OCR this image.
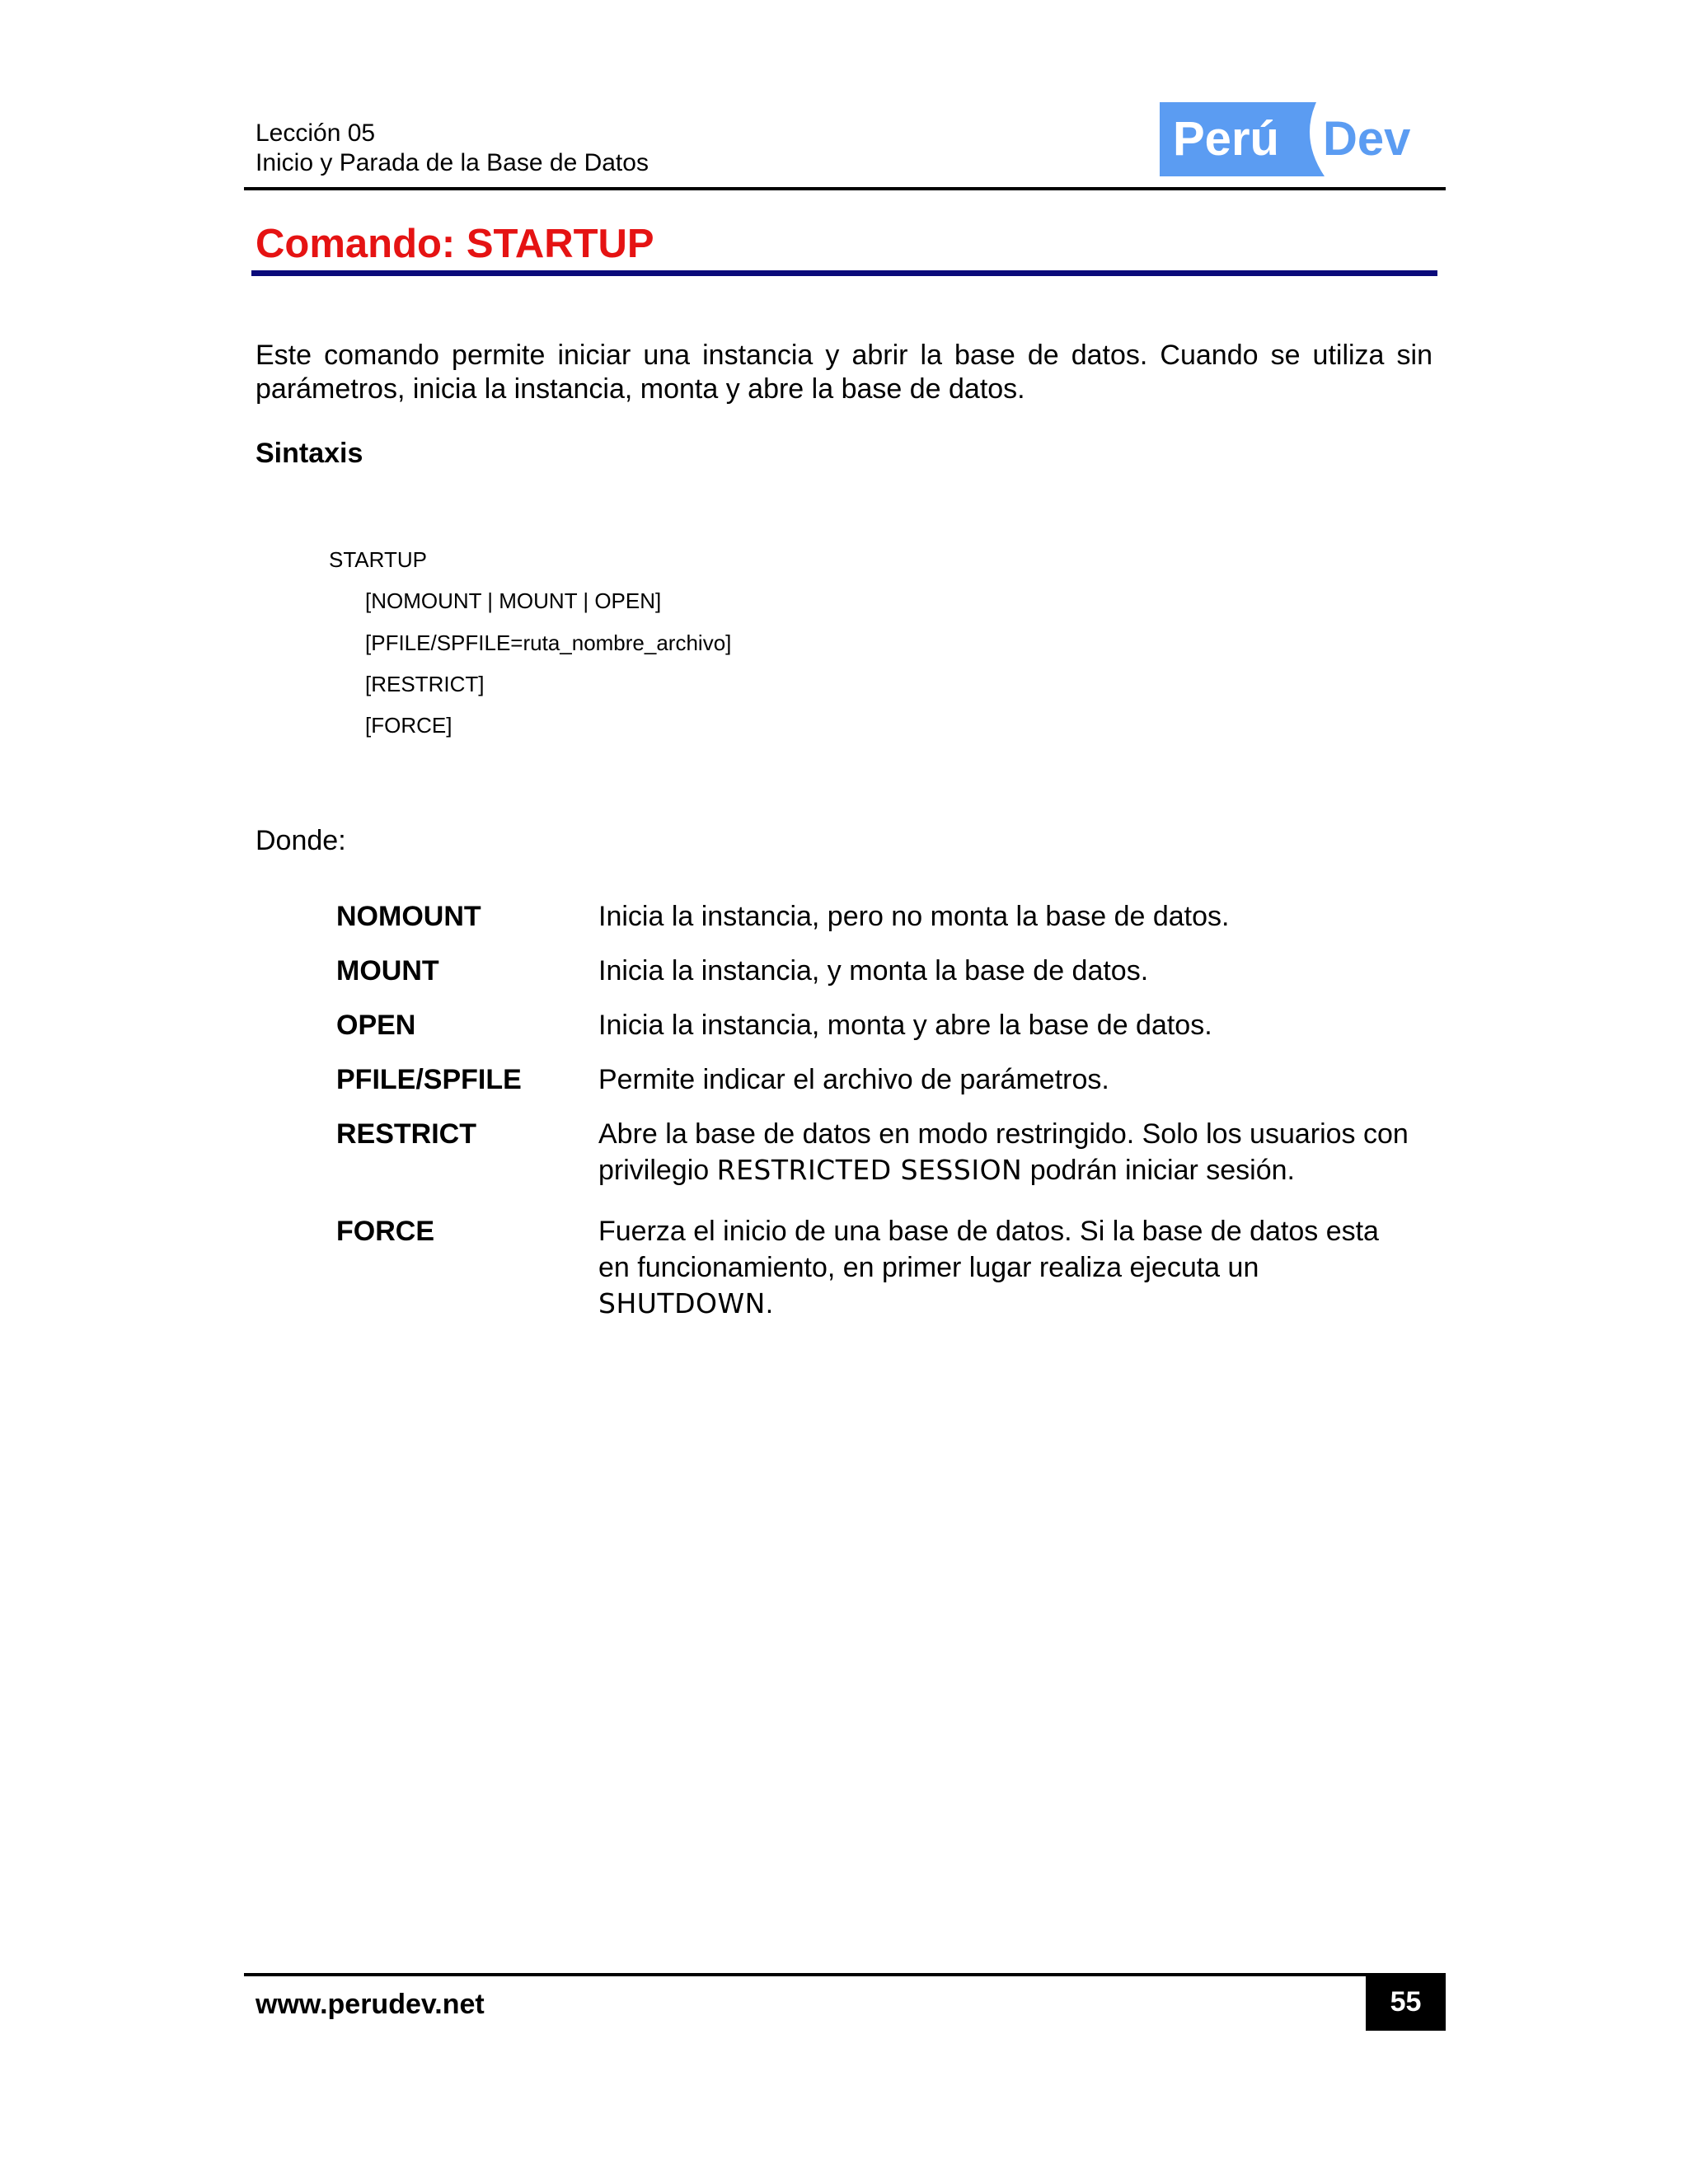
Lección 05
Inicio y Parada de la Base de Datos	Perú Dev
Comando: STARTUP
Este comando permite iniciar una instancia y abrir la base de datos. Cuando se utiliza sin parámetros, inicia la instancia, monta y abre la base de datos.
Sintaxis
STARTUP
[NOMOUNT | MOUNT | OPEN]
[PFILE/SPFILE=ruta_nombre_archivo]
[RESTRICT]
[FORCE]
Donde:
NOMOUNT	Inicia la instancia, pero no monta la base de datos.
MOUNT	Inicia la instancia, y monta la base de datos.
OPEN	Inicia la instancia, monta y abre la base de datos.
PFILE/SPFILE	Permite indicar el archivo de parámetros.
RESTRICT	Abre la base de datos en modo restringido. Solo los usuarios con
privilegio RESTRICTED SESSION podrán iniciar sesión.
FORCE	Fuerza el inicio de una base de datos. Si la base de datos esta
en funcionamiento, en primer lugar realiza ejecuta un
SHUTDOWN.
www.perudev.net	55
